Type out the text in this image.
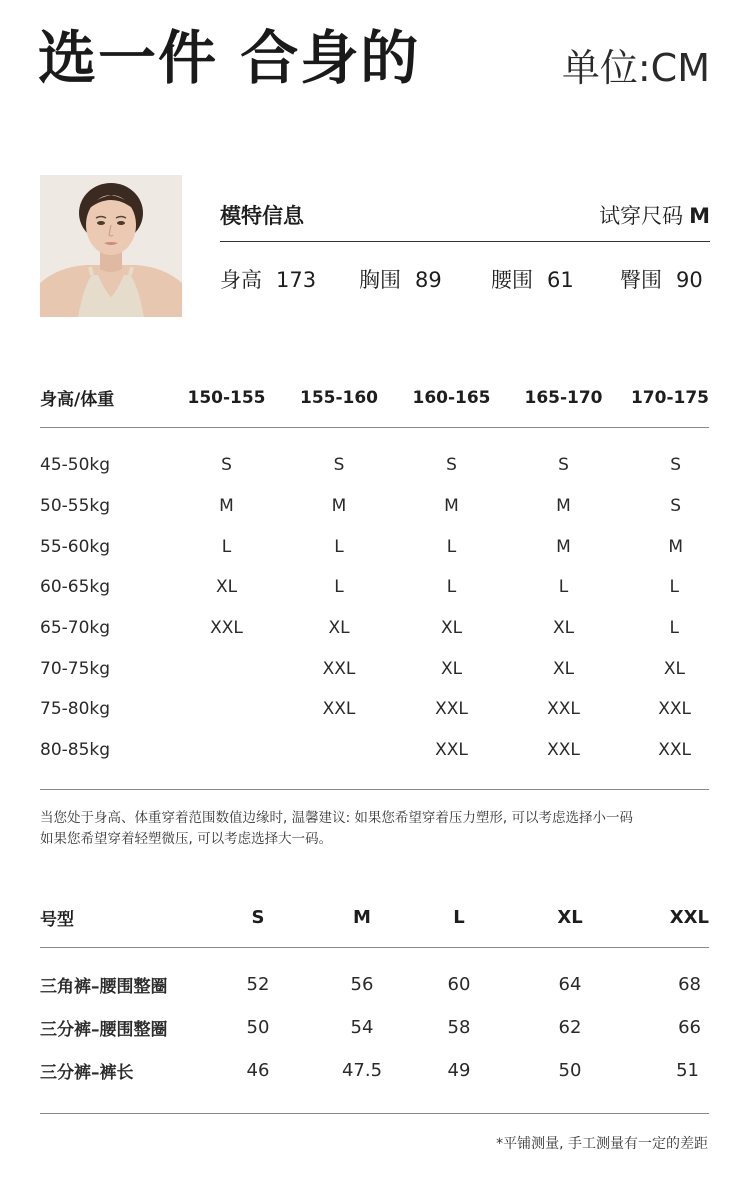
选一件 合身的	单位:CM
模特信息	试穿尺码 M
身高 173 胸围 89 腰围 61 臀围 90
身高/体重	150-155	155-160	160-165	165-170	170-175

45-50kg	S	S	S	S	S
50-55kg	M	M	M	M	S
55-60kg	L	L	L	M	M
60-65kg	XL	L	L	L	L
65-70kg	XXL	XL	XL	XL	L
70-75kg		XXL	XL	XL	XL
75-80kg		XXL	XXL	XXL	XXL
80-85kg			XXL	XXL	XXL
当您处于身高、体重穿着范围数值边缘时, 温馨建议: 如果您希望穿着压力塑形, 可以考虑选择小一码
如果您希望穿着轻塑微压, 可以考虑选择大一码。
号型	S	M	L	XL	XXL

三角裤–腰围整圈	52	56	60	64	68
三分裤–腰围整圈	50	54	58	62	66
三分裤–裤长	46	47.5	49	50	51
*平铺测量, 手工测量有一定的差距
